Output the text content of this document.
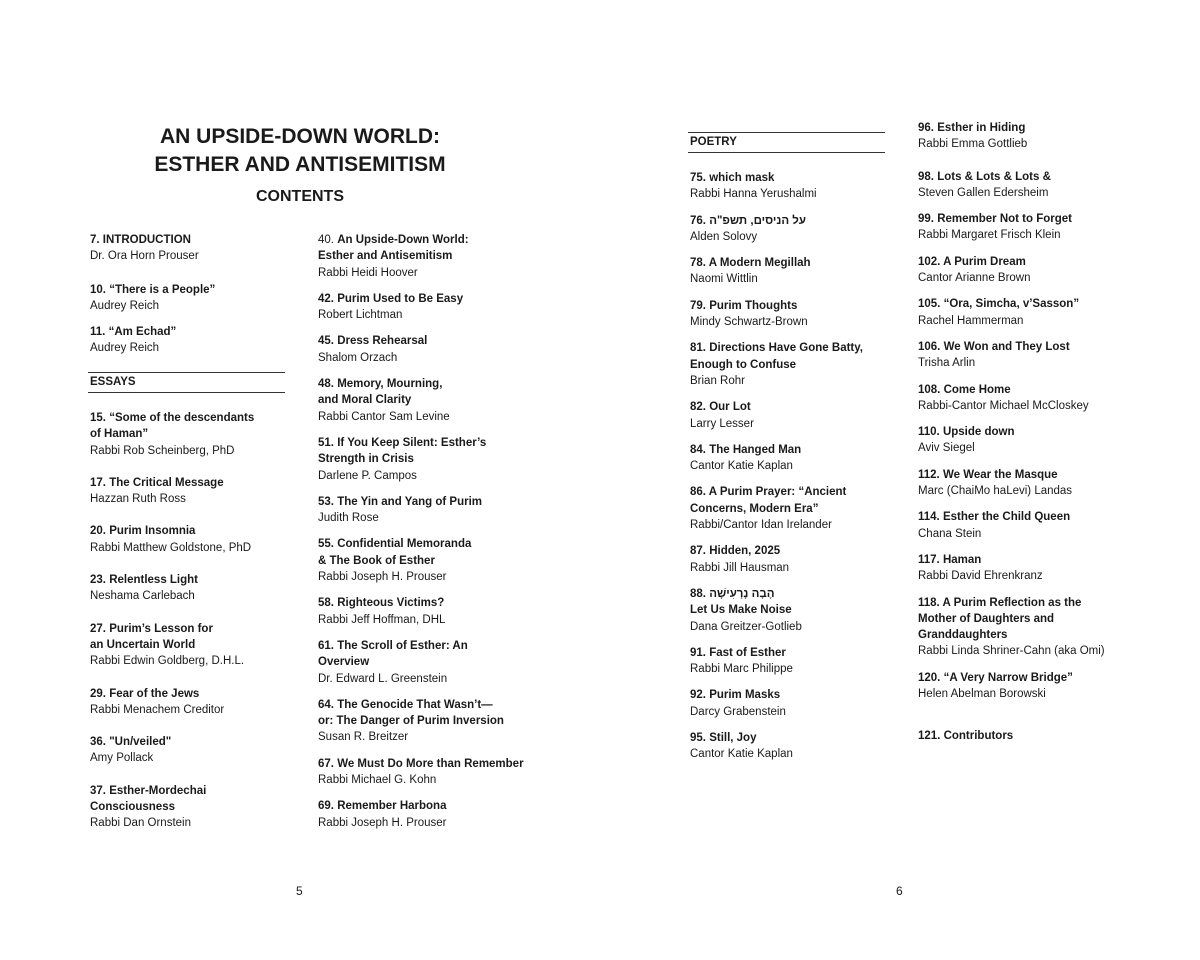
AN UPSIDE-DOWN WORLD:
ESTHER AND ANTISEMITISM
CONTENTS
7. INTRODUCTION
Dr. Ora Horn Prouser
10. “There is a People”
Audrey Reich
11. “Am Echad”
Audrey Reich
ESSAYS
15. “Some of the descendants
of Haman”
Rabbi Rob Scheinberg, PhD
17. The Critical Message
Hazzan Ruth Ross
20. Purim Insomnia
Rabbi Matthew Goldstone, PhD
23. Relentless Light
Neshama Carlebach
27. Purim’s Lesson for
an Uncertain World
Rabbi Edwin Goldberg, D.H.L.
29. Fear of the Jews
Rabbi Menachem Creditor
36. "Un/veiled"
Amy Pollack
37. Esther-Mordechai
Consciousness
Rabbi Dan Ornstein
40. An Upside-Down World:
Esther and Antisemitism
Rabbi Heidi Hoover
42. Purim Used to Be Easy
Robert Lichtman
45. Dress Rehearsal
Shalom Orzach
48. Memory, Mourning,
and Moral Clarity
Rabbi Cantor Sam Levine
51. If You Keep Silent: Esther’s
Strength in Crisis
Darlene P. Campos
53. The Yin and Yang of Purim
Judith Rose
55. Confidential Memoranda
& The Book of Esther
Rabbi Joseph H. Prouser
58. Righteous Victims?
Rabbi Jeff Hoffman, DHL
61. The Scroll of Esther: An
Overview
Dr. Edward L. Greenstein
64. The Genocide That Wasn’t—
or: The Danger of Purim Inversion
Susan R. Breitzer
67. We Must Do More than Remember
Rabbi Michael G. Kohn
69. Remember Harbona
Rabbi Joseph H. Prouser
5
POETRY
75. which mask
Rabbi Hanna Yerushalmi
76. על הניסים, תשפ"ה
Alden Solovy
78. A Modern Megillah
Naomi Wittlin
79. Purim Thoughts
Mindy Schwartz-Brown
81. Directions Have Gone Batty,
Enough to Confuse
Brian Rohr
82. Our Lot
Larry Lesser
84. The Hanged Man
Cantor Katie Kaplan
86. A Purim Prayer: “Ancient
Concerns, Modern Era”
Rabbi/Cantor Idan Irelander
87. Hidden, 2025
Rabbi Jill Hausman
88. הָבָה נָרְעִישָׁה
Let Us Make Noise
Dana Greitzer-Gotlieb
91. Fast of Esther
Rabbi Marc Philippe
92. Purim Masks
Darcy Grabenstein
95. Still, Joy
Cantor Katie Kaplan
96. Esther in Hiding
Rabbi Emma Gottlieb
98. Lots & Lots & Lots &
Steven Gallen Edersheim
99. Remember Not to Forget
Rabbi Margaret Frisch Klein
102. A Purim Dream
Cantor Arianne Brown
105. “Ora, Simcha, v’Sasson”
Rachel Hammerman
106. We Won and They Lost
Trisha Arlin
108. Come Home
Rabbi-Cantor Michael McCloskey
110. Upside down
Aviv Siegel
112. We Wear the Masque
Marc (ChaiMo haLevi) Landas
114. Esther the Child Queen
Chana Stein
117. Haman
Rabbi David Ehrenkranz
118. A Purim Reflection as the
Mother of Daughters and
Granddaughters
Rabbi Linda Shriner-Cahn (aka Omi)
120. “A Very Narrow Bridge”
Helen Abelman Borowski
121. Contributors
6
